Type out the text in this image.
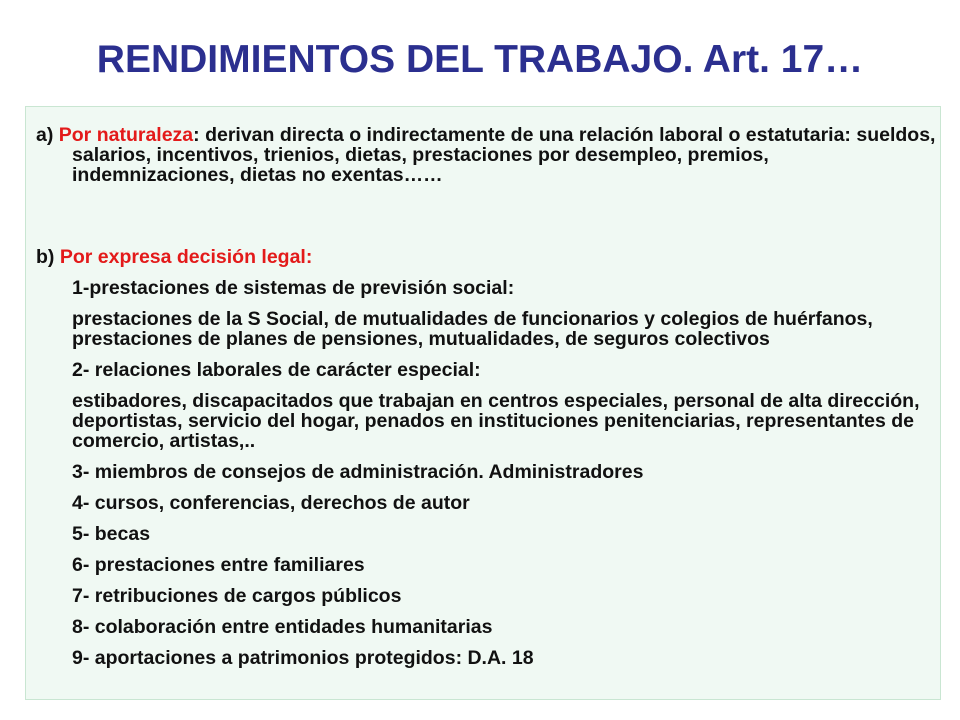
RENDIMIENTOS DEL TRABAJO. Art. 17…

a) Por naturaleza: derivan directa o indirectamente de una relación laboral o estatutaria: sueldos, salarios, incentivos, trienios, dietas, prestaciones por desempleo, premios, indemnizaciones, dietas no exentas……

b) Por expresa decisión legal:

1-prestaciones de sistemas de previsión social:

prestaciones de la S Social, de mutualidades de funcionarios y colegios de huérfanos, prestaciones de planes de pensiones, mutualidades, de seguros colectivos

2- relaciones laborales de carácter especial:

estibadores, discapacitados que trabajan en centros especiales, personal de alta dirección, deportistas, servicio del hogar, penados en instituciones penitenciarias, representantes de comercio, artistas,..

3- miembros de consejos de administración. Administradores

4- cursos, conferencias, derechos de autor

5- becas

6- prestaciones entre familiares

7- retribuciones de cargos públicos

8- colaboración entre entidades humanitarias

9- aportaciones a patrimonios protegidos: D.A. 18
